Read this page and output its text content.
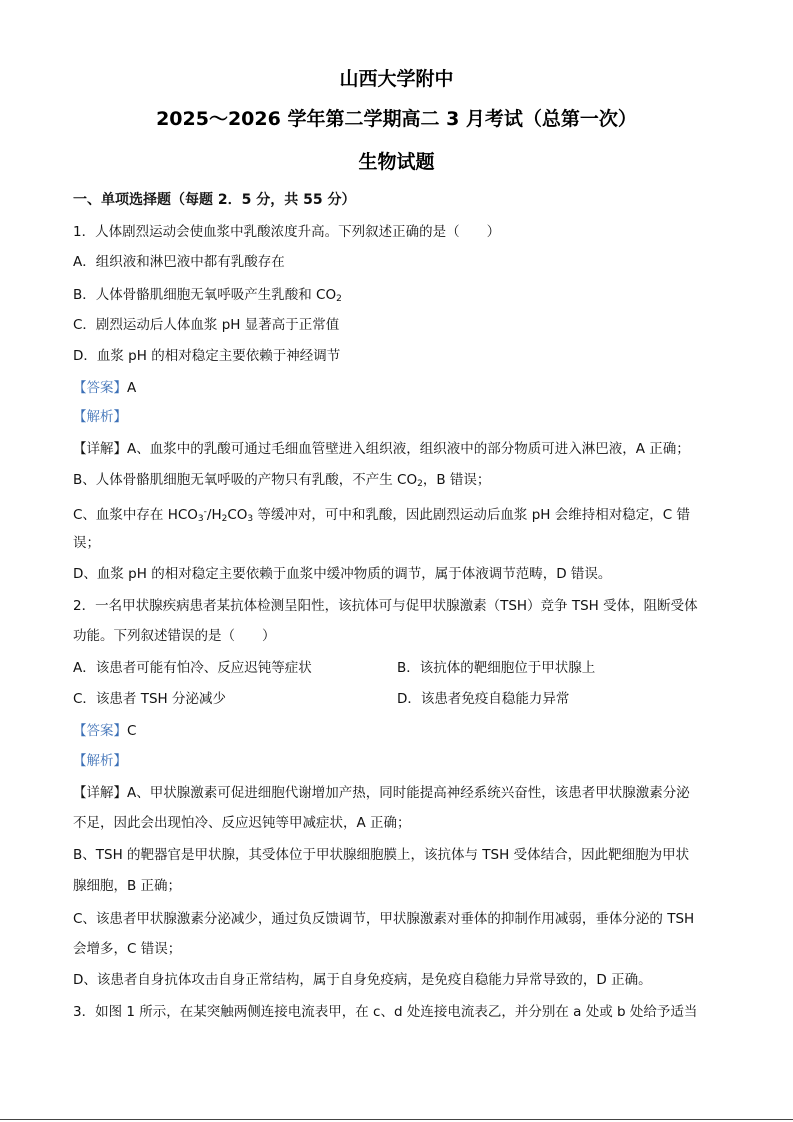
山西大学附中
2025～2026 学年第二学期高二 3 月考试（总第一次）
生物试题
一、单项选择题（每题 2．5 分，共 55 分）
1．人体剧烈运动会使血浆中乳酸浓度升高。下列叙述正确的是（　　）
A．组织液和淋巴液中都有乳酸存在
B．人体骨骼肌细胞无氧呼吸产生乳酸和 $CO_2$
C．剧烈运动后人体血浆 pH 显著高于正常值
D．血浆 pH 的相对稳定主要依赖于神经调节
【答案】A
【解析】
【详解】A、血浆中的乳酸可通过毛细血管壁进入组织液，组织液中的部分物质可进入淋巴液，A 正确；
B、人体骨骼肌细胞无氧呼吸的产物只有乳酸，不产生 $CO_2$，B 错误；
C、血浆中存在 $HCO_3^-/H_2CO_3$ 等缓冲对，可中和乳酸，因此剧烈运动后血浆 pH 会维持相对稳定，C 错
误；
D、血浆 pH 的相对稳定主要依赖于血浆中缓冲物质的调节，属于体液调节范畴，D 错误。
2．一名甲状腺疾病患者某抗体检测呈阳性，该抗体可与促甲状腺激素（TSH）竞争 TSH 受体，阻断受体
功能。下列叙述错误的是（　　）
A．该患者可能有怕冷、反应迟钝等症状	B．该抗体的靶细胞位于甲状腺上
C．该患者 TSH 分泌减少	D．该患者免疫自稳能力异常
【答案】C
【解析】
【详解】A、甲状腺激素可促进细胞代谢增加产热，同时能提高神经系统兴奋性，该患者甲状腺激素分泌
不足，因此会出现怕冷、反应迟钝等甲减症状，A 正确；
B、TSH 的靶器官是甲状腺，其受体位于甲状腺细胞膜上，该抗体与 TSH 受体结合，因此靶细胞为甲状
腺细胞，B 正确；
C、该患者甲状腺激素分泌减少，通过负反馈调节，甲状腺激素对垂体的抑制作用减弱，垂体分泌的 TSH
会增多，C 错误；
D、该患者自身抗体攻击自身正常结构，属于自身免疫病，是免疫自稳能力异常导致的，D 正确。
3．如图 1 所示，在某突触两侧连接电流表甲，在 c、d 处连接电流表乙，并分别在 a 处或 b 处给予适当
